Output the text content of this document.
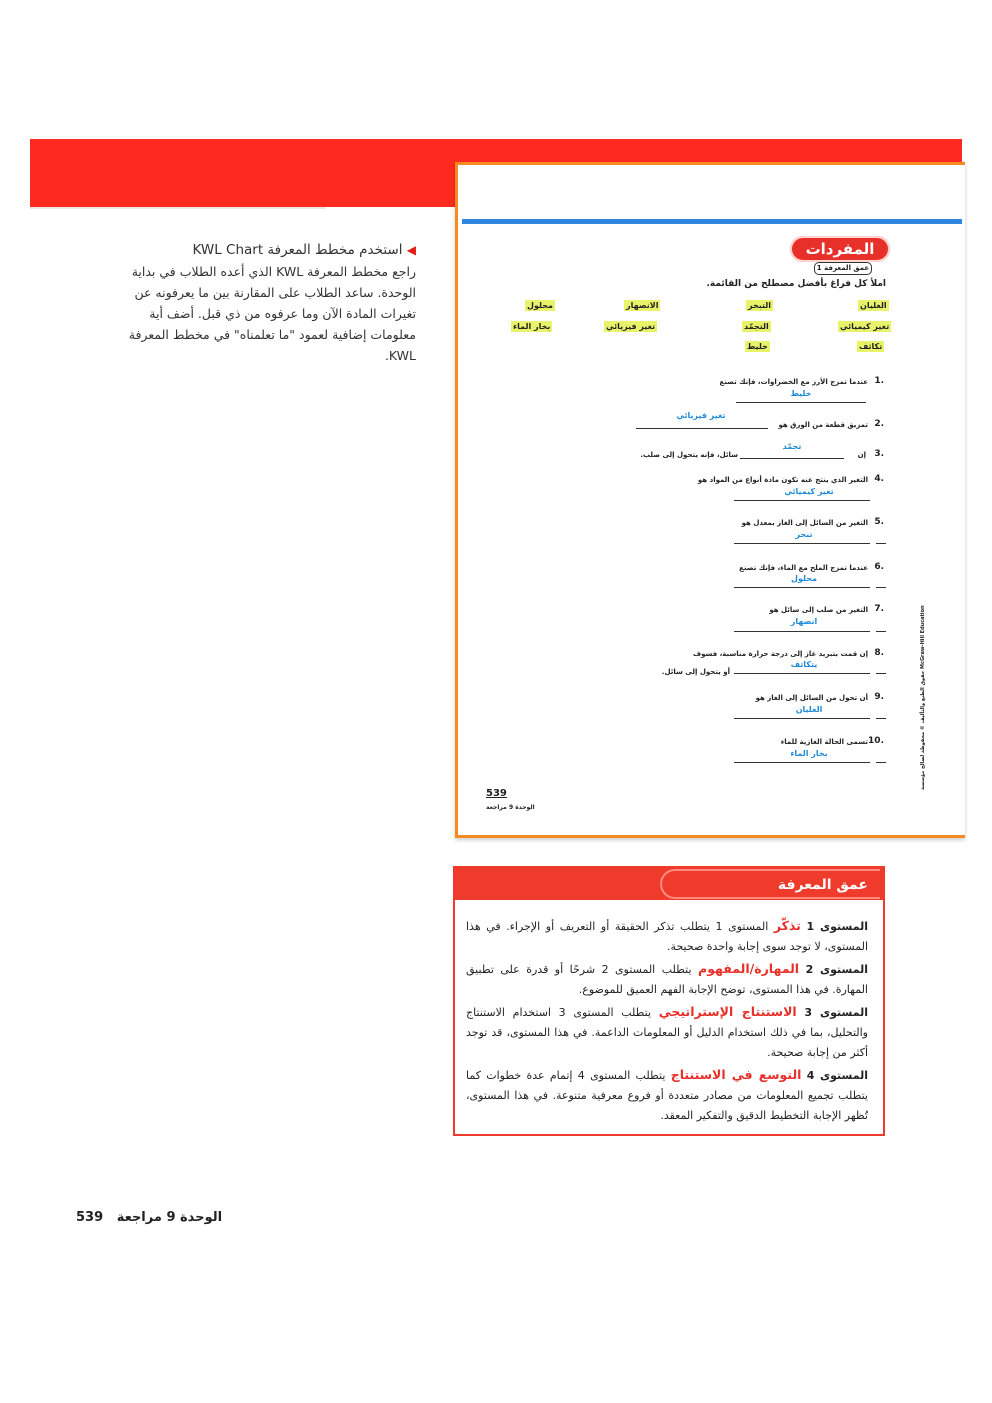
◀ استخدم مخطط المعرفة KWL Chart
راجع مخطط المعرفة KWL الذي أعده الطلاب في بداية الوحدة. ساعد الطلاب على المقارنة بين ما يعرفونه عن تغيرات المادة الآن وما عرفوه من ذي قبل. أضف أية معلومات إضافية لعمود "ما تعلمناه" في مخطط المعرفة KWL.
المفردات
عمق المعرفة 1
املأ كل فراغ بأفضل مصطلح من القائمة.
الغليان
التبخر
الانصهار
محلول
تغير كيميائي
التجمّد
تغير فيزيائي
بخار الماء
تكاثف
خليط
1.
عندما تمزج الأرز مع الخضراوات، فإنك تصنع
خليط
2.
تمزيق قطعة من الورق هو
تغير فيزيائي
3.
إن
تجمّد
سائل، فإنه يتحول إلى صلب.
4.
التغير الذي ينتج عنه تكون مادة أنواع من المواد هو
تغير كيميائي
5.
التغير من السائل إلى الغاز بمعدل هو
تبخر
6.
عندما تمزج الملح مع الماء، فإنك تصنع
محلول
7.
التغير من صلب إلى سائل هو
انصهار
8.
إن قمت بتبريد غاز إلى درجة حرارة مناسبة، فسوف
يتكاثف
أو يتحول إلى سائل.
9.
أن تحول من السائل إلى الغاز هو
الغليان
10.
تسمى الحالة الغازية للماء
بخار الماء
539
الوحدة 9 مراجعة
حقوق الطبع والتأليف © محفوظة لصالح مؤسسة McGraw-Hill Education
عمق المعرفة

المستوى 1 تذكّر المستوى 1 يتطلب تذكر الحقيقة أو التعريف أو الإجراء. في هذا المستوى، لا توجد سوى إجابة واحدة صحيحة.

المستوى 2 المهارة/المفهوم يتطلب المستوى 2 شرحًا أو قدرة على تطبيق المهارة. في هذا المستوى، توضح الإجابة الفهم العميق للموضوع.

المستوى 3 الاستنتاج الإستراتيجي يتطلب المستوى 3 استخدام الاستنتاج والتحليل، بما في ذلك استخدام الدليل أو المعلومات الداعمة. في هذا المستوى، قد توجد أكثر من إجابة صحيحة.

المستوى 4 التوسع في الاستنتاج يتطلب المستوى 4 إتمام عدة خطوات كما يتطلب تجميع المعلومات من مصادر متعددة أو فروع معرفية متنوعة. في هذا المستوى، تُظهر الإجابة التخطيط الدقيق والتفكير المعقد.

الوحدة 9 مراجعة   539
